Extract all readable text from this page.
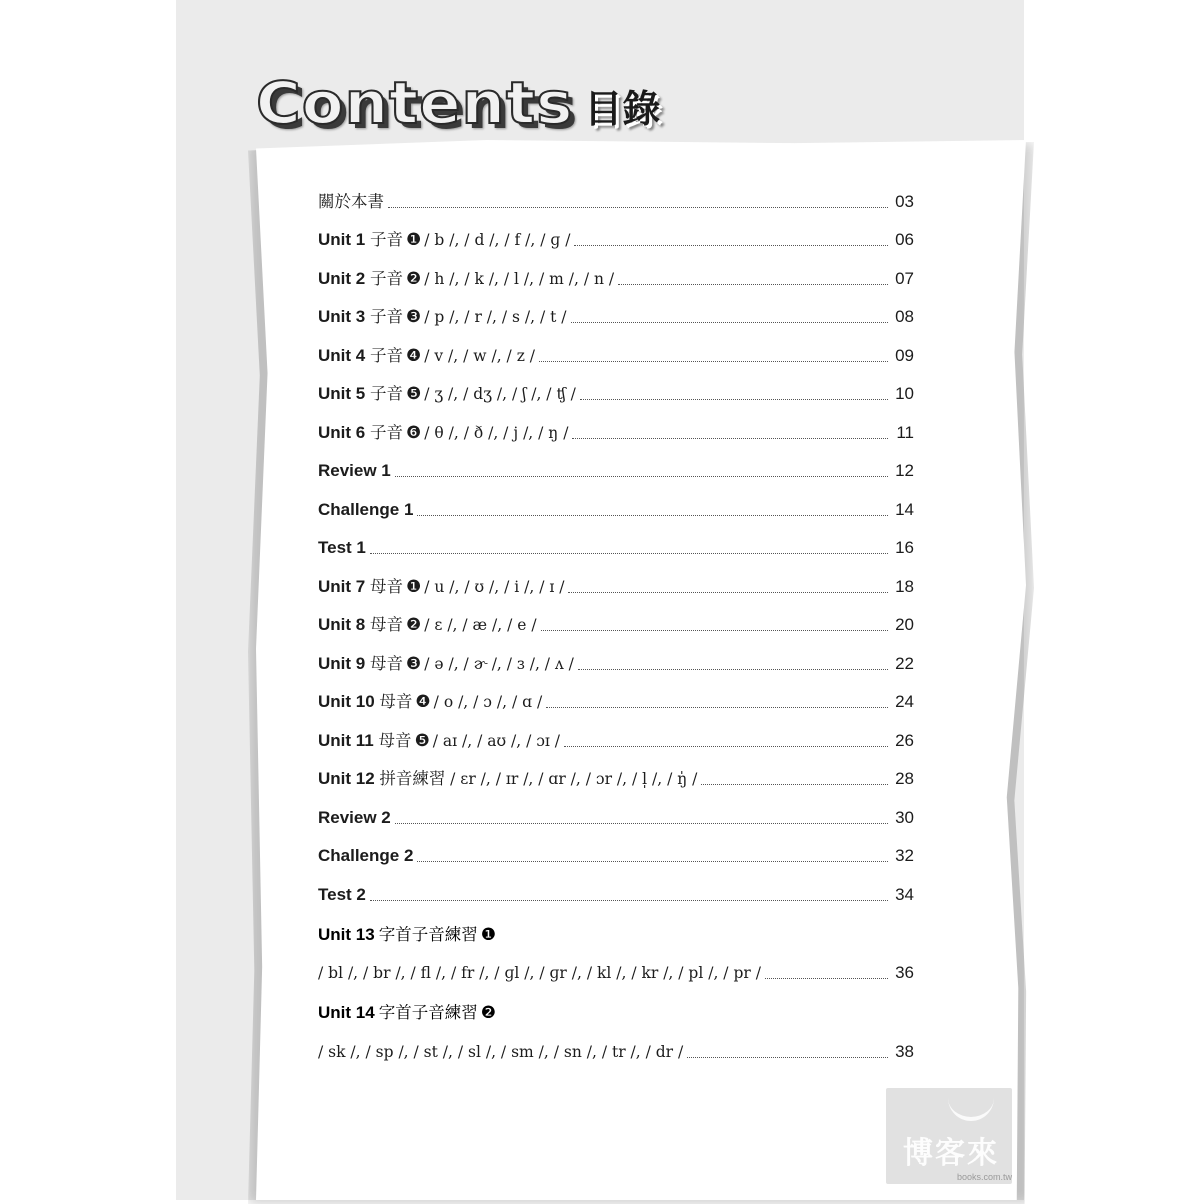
Contents 目錄
關於本書	03
Unit 1 子音 ❶ / b /, / d /, / f /, / ɡ /	06
Unit 2 子音 ❷ / h /, / k /, / l /, / m /, / n /	07
Unit 3 子音 ❸ / p /, / r /, / s /, / t /	08
Unit 4 子音 ❹ / v /, / w /, / z /	09
Unit 5 子音 ❺ / ʒ /, / dʒ /, / ʃ /, / ʧ /	10
Unit 6 子音 ❻ / θ /, / ð /, / j /, / ŋ /	11
Review 1	12
Challenge 1	14
Test 1	16
Unit 7 母音 ❶ / u /, / ʊ /, / i /, / ɪ /	18
Unit 8 母音 ❷ / ɛ /, / æ /, / e /	20
Unit 9 母音 ❸ / ə /, / ɚ /, / ɜ /, / ʌ /	22
Unit 10 母音 ❹ / o /, / ɔ /, / ɑ /	24
Unit 11 母音 ❺ / aɪ /, / aʊ /, / ɔɪ /	26
Unit 12 拼音練習 / ɛr /, / ɪr /, / ɑr /, / ɔr /, / l̩ /, / ŋ̍ /	28
Review 2	30
Challenge 2	32
Test 2	34
Unit 13 字首子音練習 ❶
/ bl /, / br /, / fl /, / fr /, / ɡl /, / ɡr /, / kl /, / kr /, / pl /, / pr /	36
Unit 14 字首子音練習 ❷
/ sk /, / sp /, / st /, / sl /, / sm /, / sn /, / tr /, / dr /	38
博客來
books.com.tw
